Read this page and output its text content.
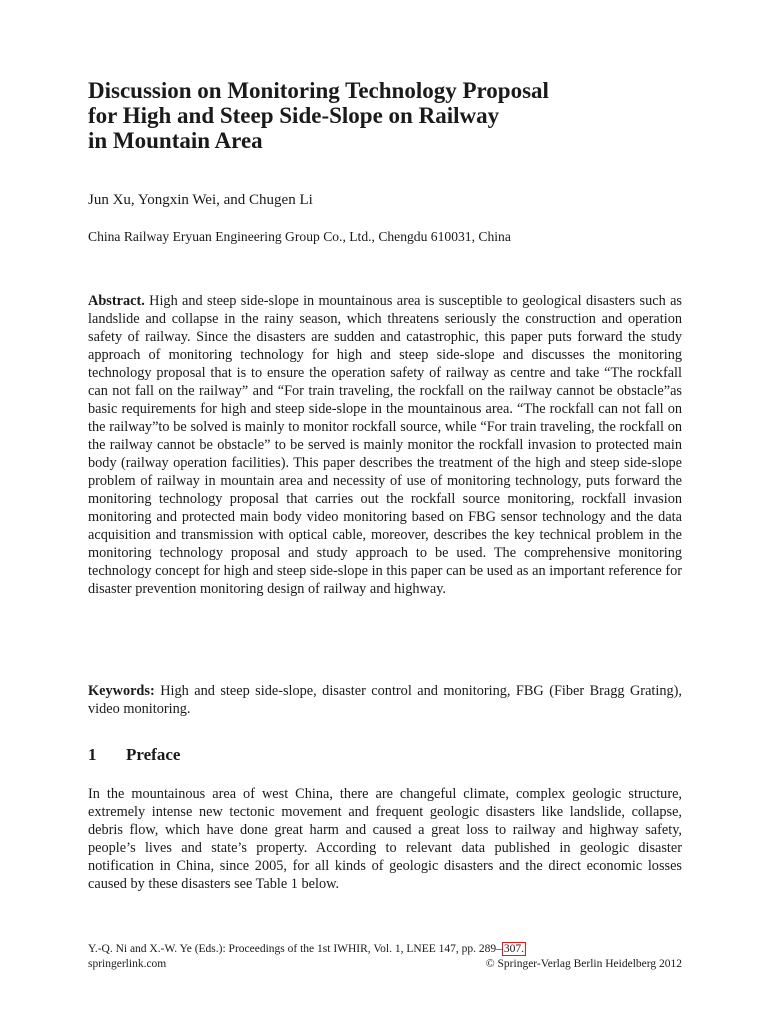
Discussion on Monitoring Technology Proposal
for High and Steep Side-Slope on Railway
in Mountain Area
Jun Xu, Yongxin Wei, and Chugen Li
China Railway Eryuan Engineering Group Co., Ltd., Chengdu 610031, China

Abstract. High and steep side-slope in mountainous area is susceptible to geological disasters such as landslide and collapse in the rainy season, which threatens seriously the construction and operation safety of railway. Since the disasters are sudden and catastrophic, this paper puts forward the study approach of monitoring technology for high and steep side-slope and discusses the monitoring technology proposal that is to ensure the operation safety of railway as centre and take “The rockfall can not fall on the railway” and “For train traveling, the rockfall on the railway cannot be obstacle”as basic requirements for high and steep side-slope in the mountainous area. “The rockfall can not fall on the railway”to be solved is mainly to monitor rockfall source, while “For train traveling, the rockfall on the railway cannot be obstacle” to be served is mainly monitor the rockfall invasion to protected main body (railway operation facilities). This paper describes the treatment of the high and steep side-slope problem of railway in mountain area and necessity of use of monitoring technology, puts forward the monitoring technology proposal that carries out the rockfall source monitoring, rockfall invasion monitoring and protected main body video monitoring based on FBG sensor technology and the data acquisition and transmission with optical cable, moreover, describes the key technical problem in the monitoring technology proposal and study approach to be used. The comprehensive monitoring technology concept for high and steep side-slope in this paper can be used as an important reference for disaster prevention monitoring design of railway and highway.

Keywords: High and steep side-slope, disaster control and monitoring, FBG (Fiber Bragg Grating), video monitoring.

1 Preface

In the mountainous area of west China, there are changeful climate, complex geologic structure, extremely intense new tectonic movement and frequent geologic disasters like landslide, collapse, debris flow, which have done great harm and caused a great loss to railway and highway safety, people’s lives and state’s property. According to relevant data published in geologic disaster notification in China, since 2005, for all kinds of geologic disasters and the direct economic losses caused by these disasters see Table 1 below.

Y.-Q. Ni and X.-W. Ye (Eds.): Proceedings of the 1st IWHIR, Vol. 1, LNEE 147, pp. 289– 307.
springerlink.com	© Springer-Verlag Berlin Heidelberg 2012
